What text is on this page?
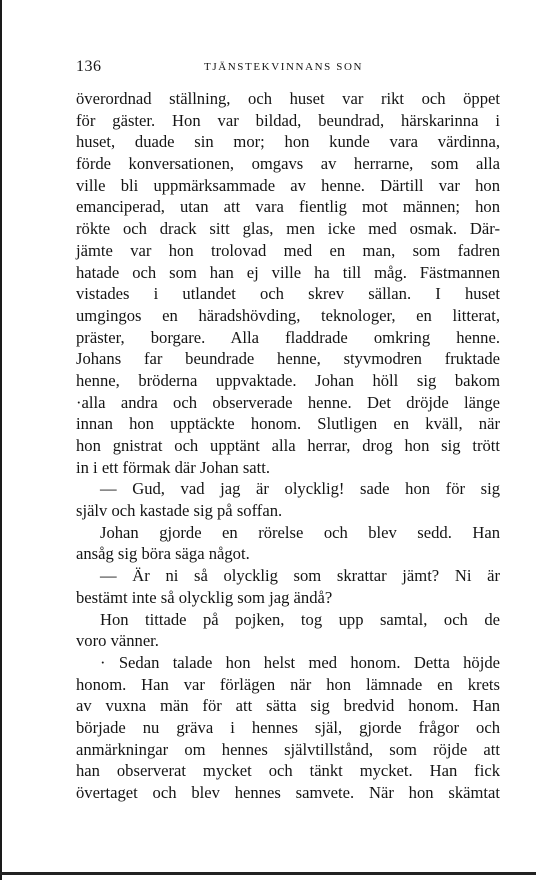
136	TJÄNSTEKVINNANS SON
överordnad ställning, och huset var rikt och öppet
för gäster. Hon var bildad, beundrad, härskarinna i
huset, duade sin mor; hon kunde vara värdinna,
förde konversationen, omgavs av herrarne, som alla
ville bli uppmärksammade av henne. Därtill var hon
emanciperad, utan att vara fientlig mot männen; hon
rökte och drack sitt glas, men icke med osmak. Där-
jämte var hon trolovad med en man, som fadren
hatade och som han ej ville ha till måg. Fästmannen
vistades i utlandet och skrev sällan. I huset
umgingos en häradshövding, teknologer, en litterat,
präster, borgare. Alla fladdrade omkring henne.
Johans far beundrade henne, styvmodren fruktade
henne, bröderna uppvaktade. Johan höll sig bakom
·alla andra och observerade henne. Det dröjde länge
innan hon upptäckte honom. Slutligen en kväll, när
hon gnistrat och upptänt alla herrar, drog hon sig trött
in i ett förmak där Johan satt.
— Gud, vad jag är olycklig! sade hon för sig
själv och kastade sig på soffan.
Johan gjorde en rörelse och blev sedd. Han
ansåg sig böra säga något.
— Är ni så olycklig som skrattar jämt? Ni är
bestämt inte så olycklig som jag ändå?
Hon tittade på pojken, tog upp samtal, och de
voro vänner.
· Sedan talade hon helst med honom. Detta höjde
honom. Han var förlägen när hon lämnade en krets
av vuxna män för att sätta sig bredvid honom. Han
började nu gräva i hennes själ, gjorde frågor och
anmärkningar om hennes självtillstånd, som röjde att
han observerat mycket och tänkt mycket. Han fick
övertaget och blev hennes samvete. När hon skämtat
